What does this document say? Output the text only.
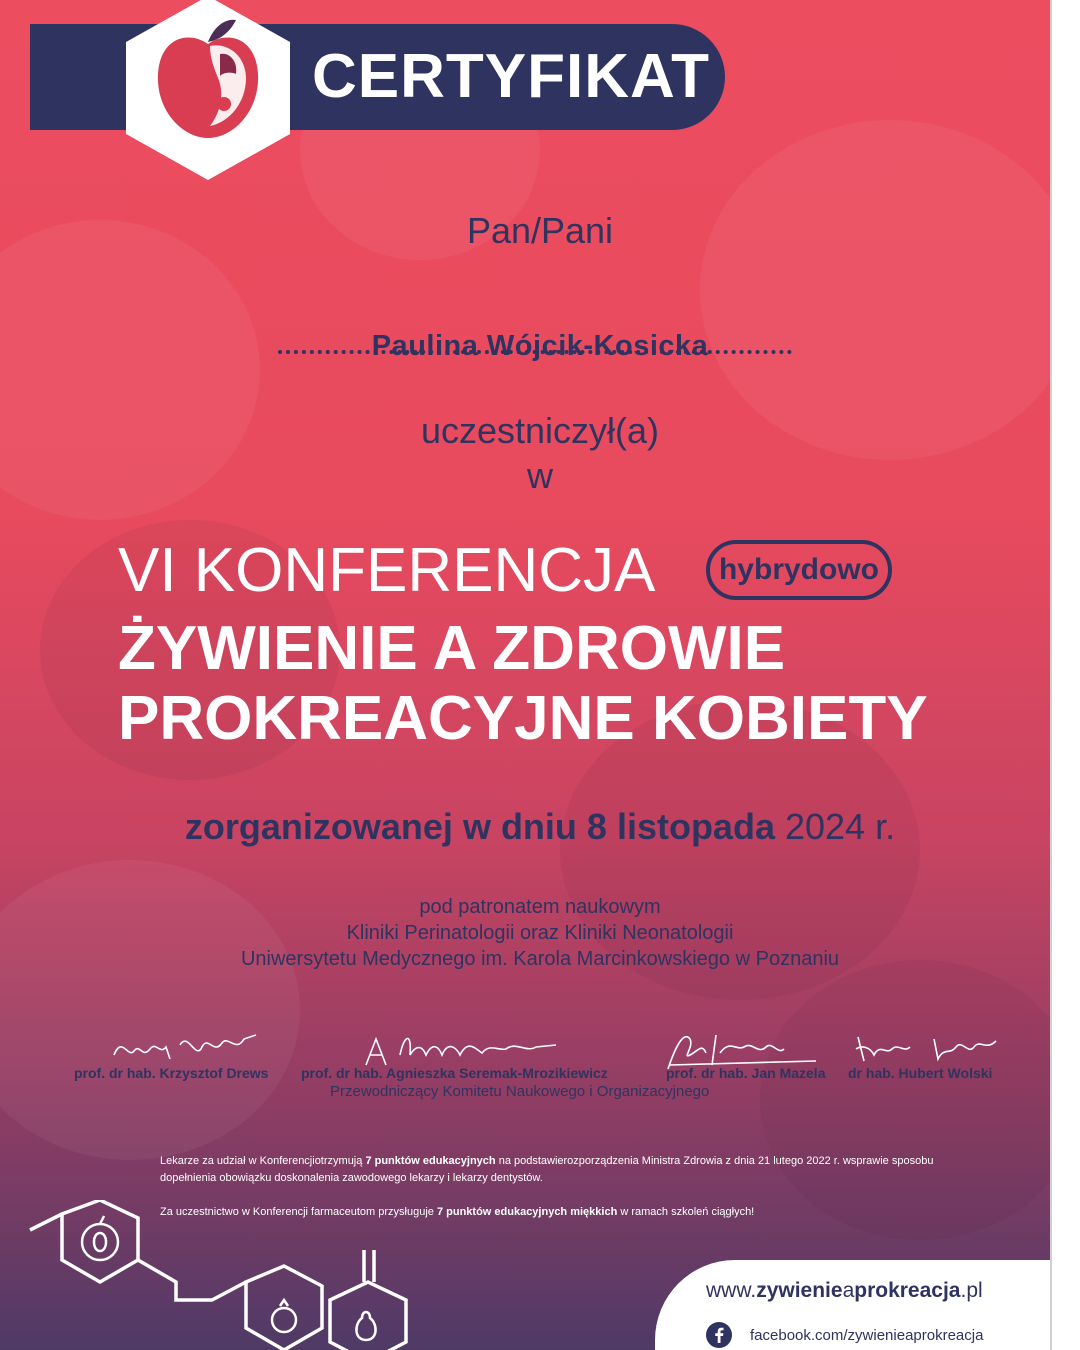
CERTYFIKAT
Pan/Pani
Paulina Wójcik-Kosicka
uczestniczył(a)
w
VI KONFERENCJA	hybrydowo
ŻYWIENIE A ZDROWIE
PROKREACYJNE KOBIETY
zorganizowanej w dniu 8 listopada 2024 r.
pod patronatem naukowym
Kliniki Perinatologii oraz Kliniki Neonatologii
Uniwersytetu Medycznego im. Karola Marcinkowskiego w Poznaniu
prof. dr hab. Krzysztof Drews prof. dr hab. Agnieszka Seremak-Mrozikiewicz	prof. dr hab. Jan Mazela dr hab. Hubert Wolski
Przewodniczący Komitetu Naukowego i Organizacyjnego
Lekarze za udział w Konferencjiotrzymują 7 punktów edukacyjnych na podstawierozporządzenia Ministra Zdrowia z dnia 21 lutego 2022 r. wsprawie sposobu dopełnienia obowiązku doskonalenia zawodowego lekarzy i lekarzy dentystów.
Za uczestnictwo w Konferencji farmaceutom przysługuje 7 punktów edukacyjnych miękkich w ramach szkoleń ciągłych!
www.zywienieaprokreacja.pl
facebook.com/zywienieaprokreacja
